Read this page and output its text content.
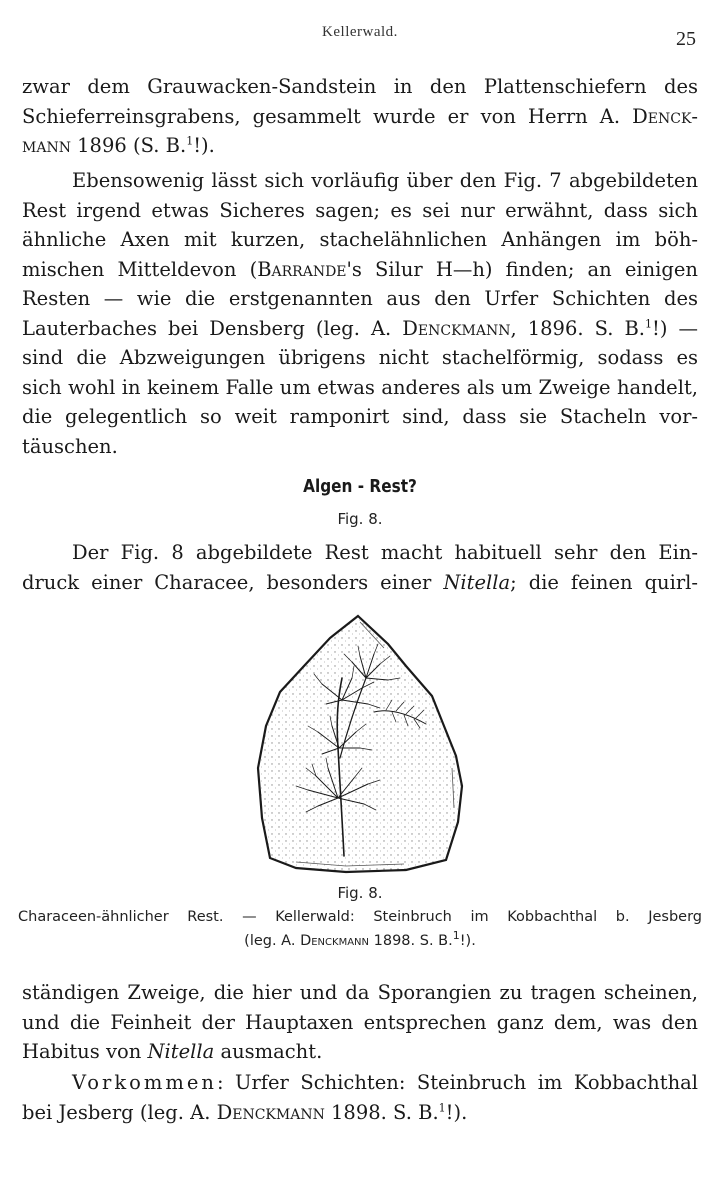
Kellerwald.	25
zwar dem Grauwacken-Sandstein in den Plattenschiefern des
Schieferreinsgrabens, gesammelt wurde er von Herrn A. Denck-
mann 1896 (S. B.$^1$!).
Ebensowenig lässt sich vorläufig über den Fig. 7 abgebildeten
Rest irgend etwas Sicheres sagen; es sei nur erwähnt, dass sich
ähnliche Axen mit kurzen, stachelähnlichen Anhängen im böh-
mischen Mitteldevon (Barrande's Silur H—h) finden; an einigen
Resten — wie die erstgenannten aus den Urfer Schichten des
Lauterbaches bei Densberg (leg. A. Denckmann, 1896. S. B.$^1$!) —
sind die Abzweigungen übrigens nicht stachelförmig, sodass es
sich wohl in keinem Falle um etwas anderes als um Zweige handelt,
die gelegentlich so weit ramponirt sind, dass sie Stacheln vor-
täuschen.
Algen - Rest?
Fig. 8.
Der Fig. 8 abgebildete Rest macht habituell sehr den Ein-
druck einer Characee, besonders einer Nitella; die feinen quirl-
Fig. 8.
Characeen-ähnlicher Rest. — Kellerwald: Steinbruch im Kobbachthal b. Jesberg
(leg. A. Denckmann 1898. S. B.$^1$!).
ständigen Zweige, die hier und da Sporangien zu tragen scheinen,
und die Feinheit der Hauptaxen entsprechen ganz dem, was den
Habitus von Nitella ausmacht.
Vorkommen: Urfer Schichten: Steinbruch im Kobbachthal
bei Jesberg (leg. A. Denckmann 1898. S. B.$^1$!).
